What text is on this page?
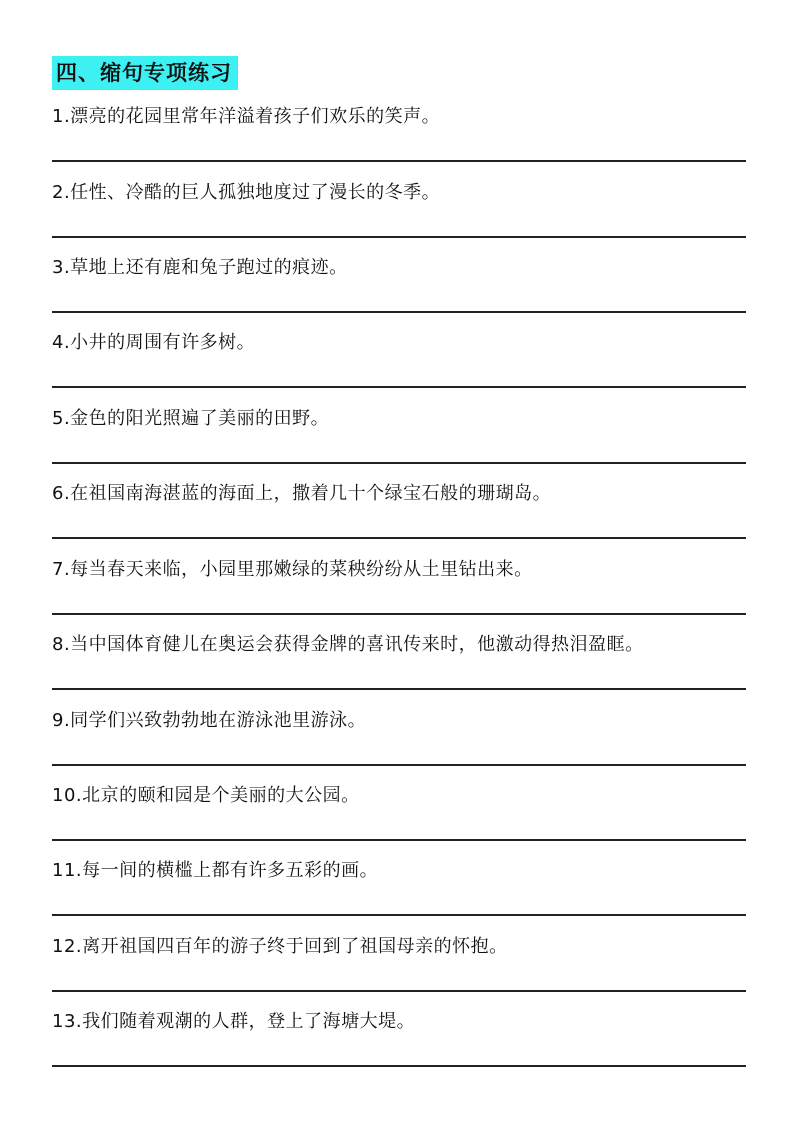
四、缩句专项练习
1.漂亮的花园里常年洋溢着孩子们欢乐的笑声。
2.任性、冷酷的巨人孤独地度过了漫长的冬季。
3.草地上还有鹿和兔子跑过的痕迹。
4.小井的周围有许多树。
5.金色的阳光照遍了美丽的田野。
6.在祖国南海湛蓝的海面上，撒着几十个绿宝石般的珊瑚岛。
7.每当春天来临，小园里那嫩绿的菜秧纷纷从土里钻出来。
8.当中国体育健儿在奥运会获得金牌的喜讯传来时，他激动得热泪盈眶。
9.同学们兴致勃勃地在游泳池里游泳。
10.北京的颐和园是个美丽的大公园。
11.每一间的横槛上都有许多五彩的画。
12.离开祖国四百年的游子终于回到了祖国母亲的怀抱。
13.我们随着观潮的人群，登上了海塘大堤。
